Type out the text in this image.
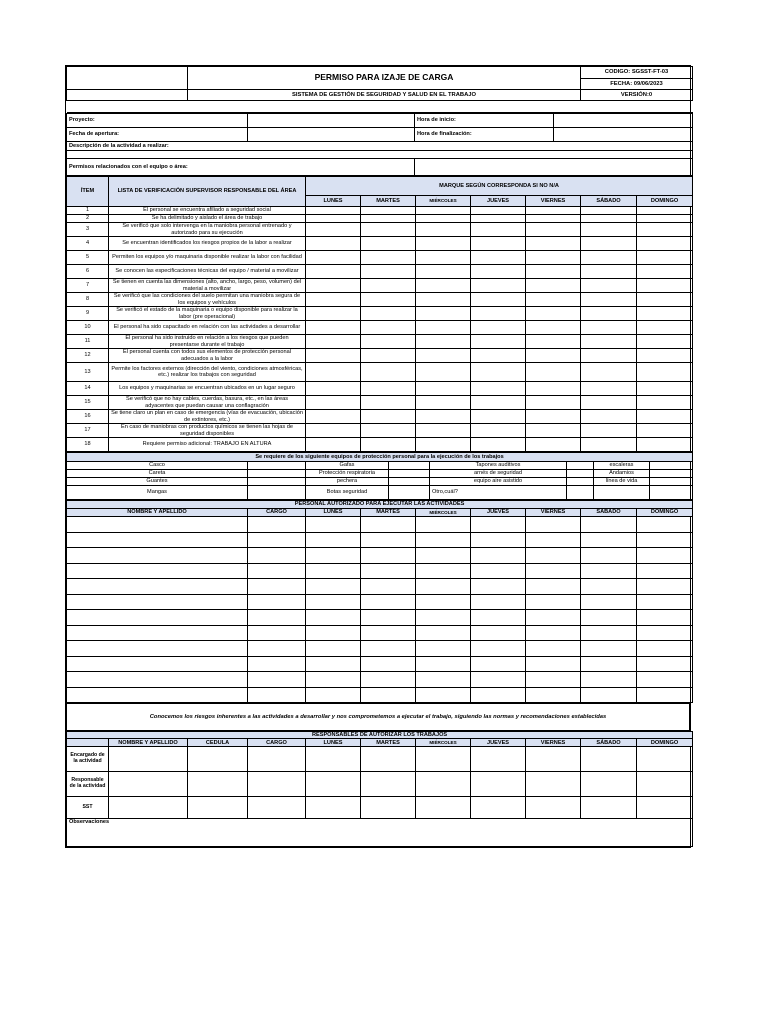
	PERMISO PARA IZAJE DE CARGA	CODIGO: SGSST-FT-03
		FECHA: 09/06/2023
	SISTEMA DE GESTIÓN DE SEGURIDAD Y SALUD EN EL TRABAJO	VERSIÓN:0

Proyecto:		Hora de inicio:	
Fecha de apertura:		Hora de finalización:	
Descripción de la actividad a realizar:			

Permisos relacionados con el equipo o área:			
ÍTEM	LISTA DE VERIFICACIÓN SUPERVISOR RESPONSABLE DEL ÁREA	MARQUE SEGÚN CORRESPONDA SI NO N/A						
		LUNES	MARTES	MIÉRCOLES	JUEVES	VIERNES	SÁBADO	DOMINGO
1	El personal se encuentra afiliado a seguridad social							
2	Se ha delimitado y aislado el área de trabajo							
3	Se verificó que solo intervenga en la maniobra personal entrenado y autorizado para su ejecución							
4	Se encuentran identificados los riesgos propios de la labor a realizar							
5	Permiten los equipos y/o maquinaria disponible realizar la labor con facilidad							
6	Se conocen las especificaciones técnicas del equipo / material a movilizar							
7	Se tienen en cuenta las dimensiones (alto, ancho, largo, peso, volumen) del material a movilizar							
8	Se verificó que las condiciones del suelo permitan una maniobra segura de los equipos y vehículos							
9	Se verificó el estado de la maquinaria o equipo disponible para realizar la labor (pre operacional)							
10	El personal ha sido capacitado en relación con las actividades a desarrollar							
11	El personal ha sido instruido en relación a los riesgos que pueden presentarse durante el trabajo							
12	El personal cuenta con todos sus elementos de protección personal adecuados a la labor							
13	Permite los factores externos (dirección del viento, condiciones atmosféricas, etc.) realizar los trabajos con seguridad							
14	Los equipos y maquinarias se encuentran ubicados en un lugar seguro							
15	Se verificó que no hay cables, cuerdas, basura, etc., en las áreas adyacentes que puedan causar una conflagración							
16	Se tiene claro un plan en caso de emergencia (vías de evacuación, ubicación de extintores, etc.)							
17	En caso de maniobras con productos químicos se tienen las hojas de seguridad disponibles							
18	Requiere permiso adicional: TRABAJO EN ALTURA							
Se requiere de los siguiente equipos de protección personal para la ejecución de los trabajos							
Casco		Gafas		Tapones auditivos		escaleras	
Careta		Protección respiratoria		arnés de seguridad		Andamios	
Guantes		pechera		equipo aire asistido		línea de vida	
Mangas		Botas seguridad		Otro,cuál?			
PERSONAL AUTORIZADO PARA EJECUTAR LAS ACTIVIDADES								
NOMBRE Y APELLIDO	CARGO	LUNES	MARTES	MIÉRCOLES	JUEVES	VIERNES	SÁBADO	DOMINGO

Conocemos los riesgos inherentes a las actividades a desarrollar y nos comprometemos a ejecutar el trabajo, siguiendo las normas y recomendaciones establecidas
RESPONSABLES DE AUTORIZAR LOS TRABAJOS										
	NOMBRE Y APELLIDO	CEDULA	CARGO	LUNES	MARTES	MIÉRCOLES	JUEVES	VIERNES	SÁBADO	DOMINGO
Encargado de la actividad										
Responsable de la actividad										
SST										
Observaciones										
